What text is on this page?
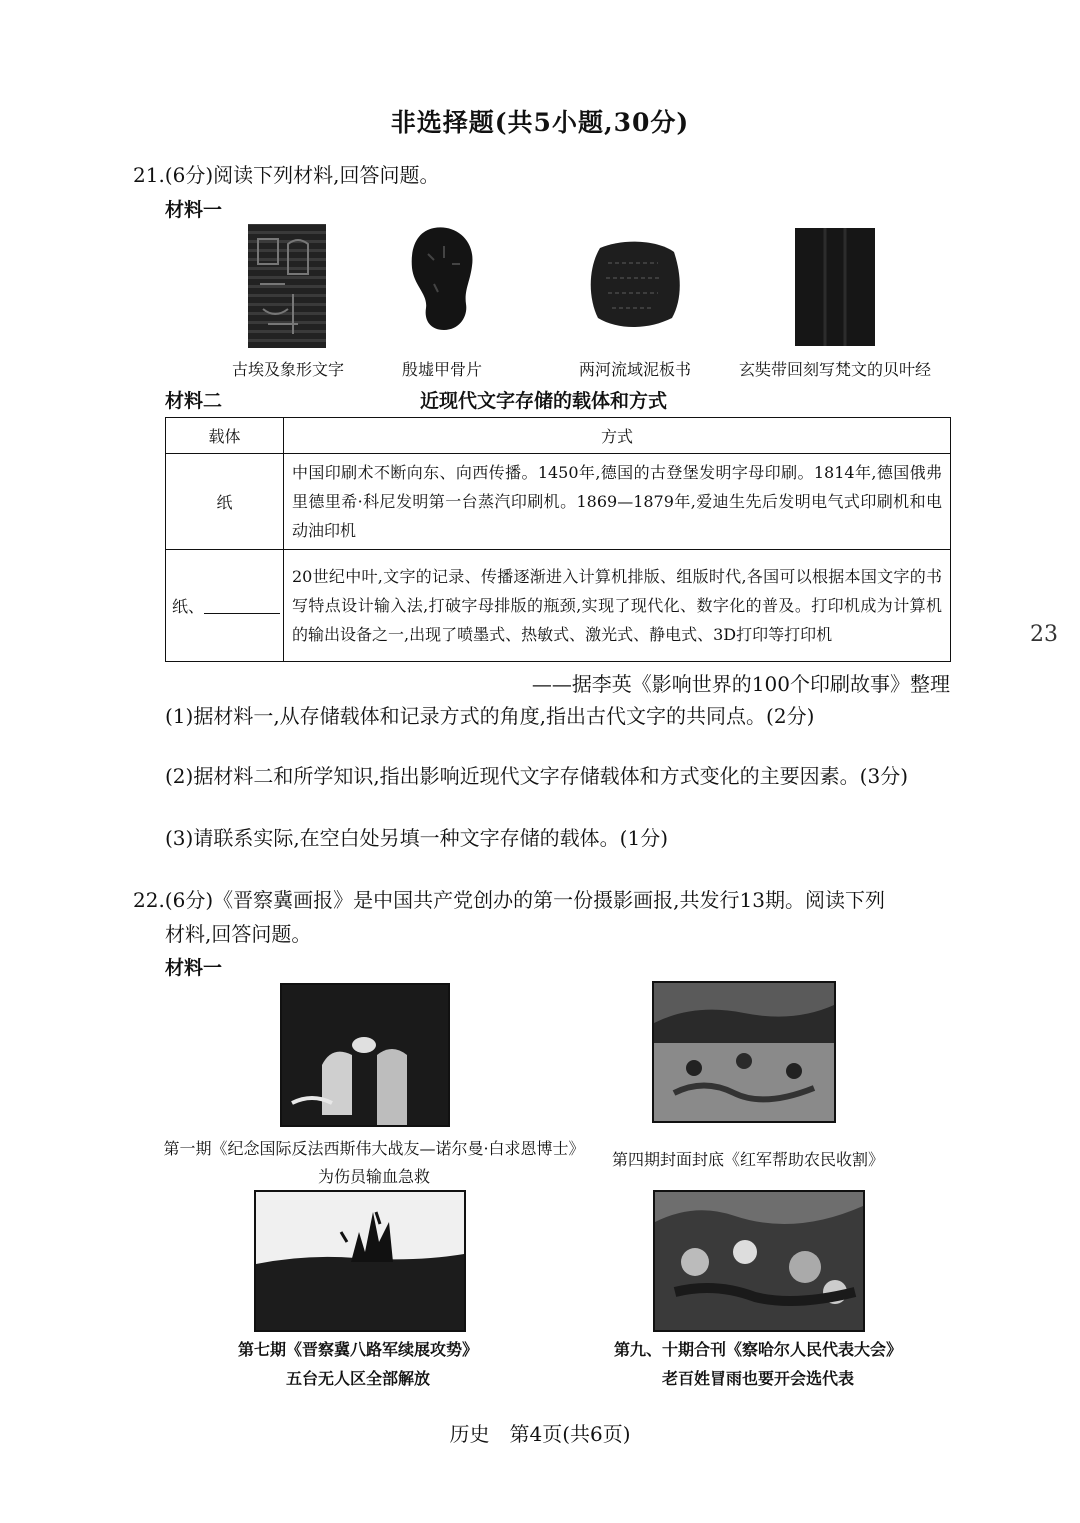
非选择题(共5小题,30分)
21.(6分)阅读下列材料,回答问题。
材料一
古埃及象形文字	殷墟甲骨片	两河流域泥板书	玄奘带回刻写梵文的贝叶经
材料二	近现代文字存储的载体和方式
载体	方式
纸	中国印刷术不断向东、向西传播。1450年,德国的古登堡发明字母印刷。1814年,德国俄弗里德里希·科尼发明第一台蒸汽印刷机。1869—1879年,爱迪生先后发明电气式印刷机和电动油印机
纸、	20世纪中叶,文字的记录、传播逐渐进入计算机排版、组版时代,各国可以根据本国文字的书写特点设计输入法,打破字母排版的瓶颈,实现了现代化、数字化的普及。打印机成为计算机的输出设备之一,出现了喷墨式、热敏式、激光式、静电式、3D打印等打印机
——据李英《影响世界的100个印刷故事》整理
(1)据材料一,从存储载体和记录方式的角度,指出古代文字的共同点。(2分)
(2)据材料二和所学知识,指出影响近现代文字存储载体和方式变化的主要因素。(3分)
(3)请联系实际,在空白处另填一种文字存储的载体。(1分)
22.(6分)《晋察冀画报》是中国共产党创办的第一份摄影画报,共发行13期。阅读下列
材料,回答问题。
材料一
第一期《纪念国际反法西斯伟大战友—诺尔曼·白求恩博士》
为伤员输血急救
第四期封面封底《红军帮助农民收割》
第七期《晋察冀八路军续展攻势》
五台无人区全部解放
第九、十期合刊《察哈尔人民代表大会》
老百姓冒雨也要开会选代表
23
历史　第4页(共6页)
